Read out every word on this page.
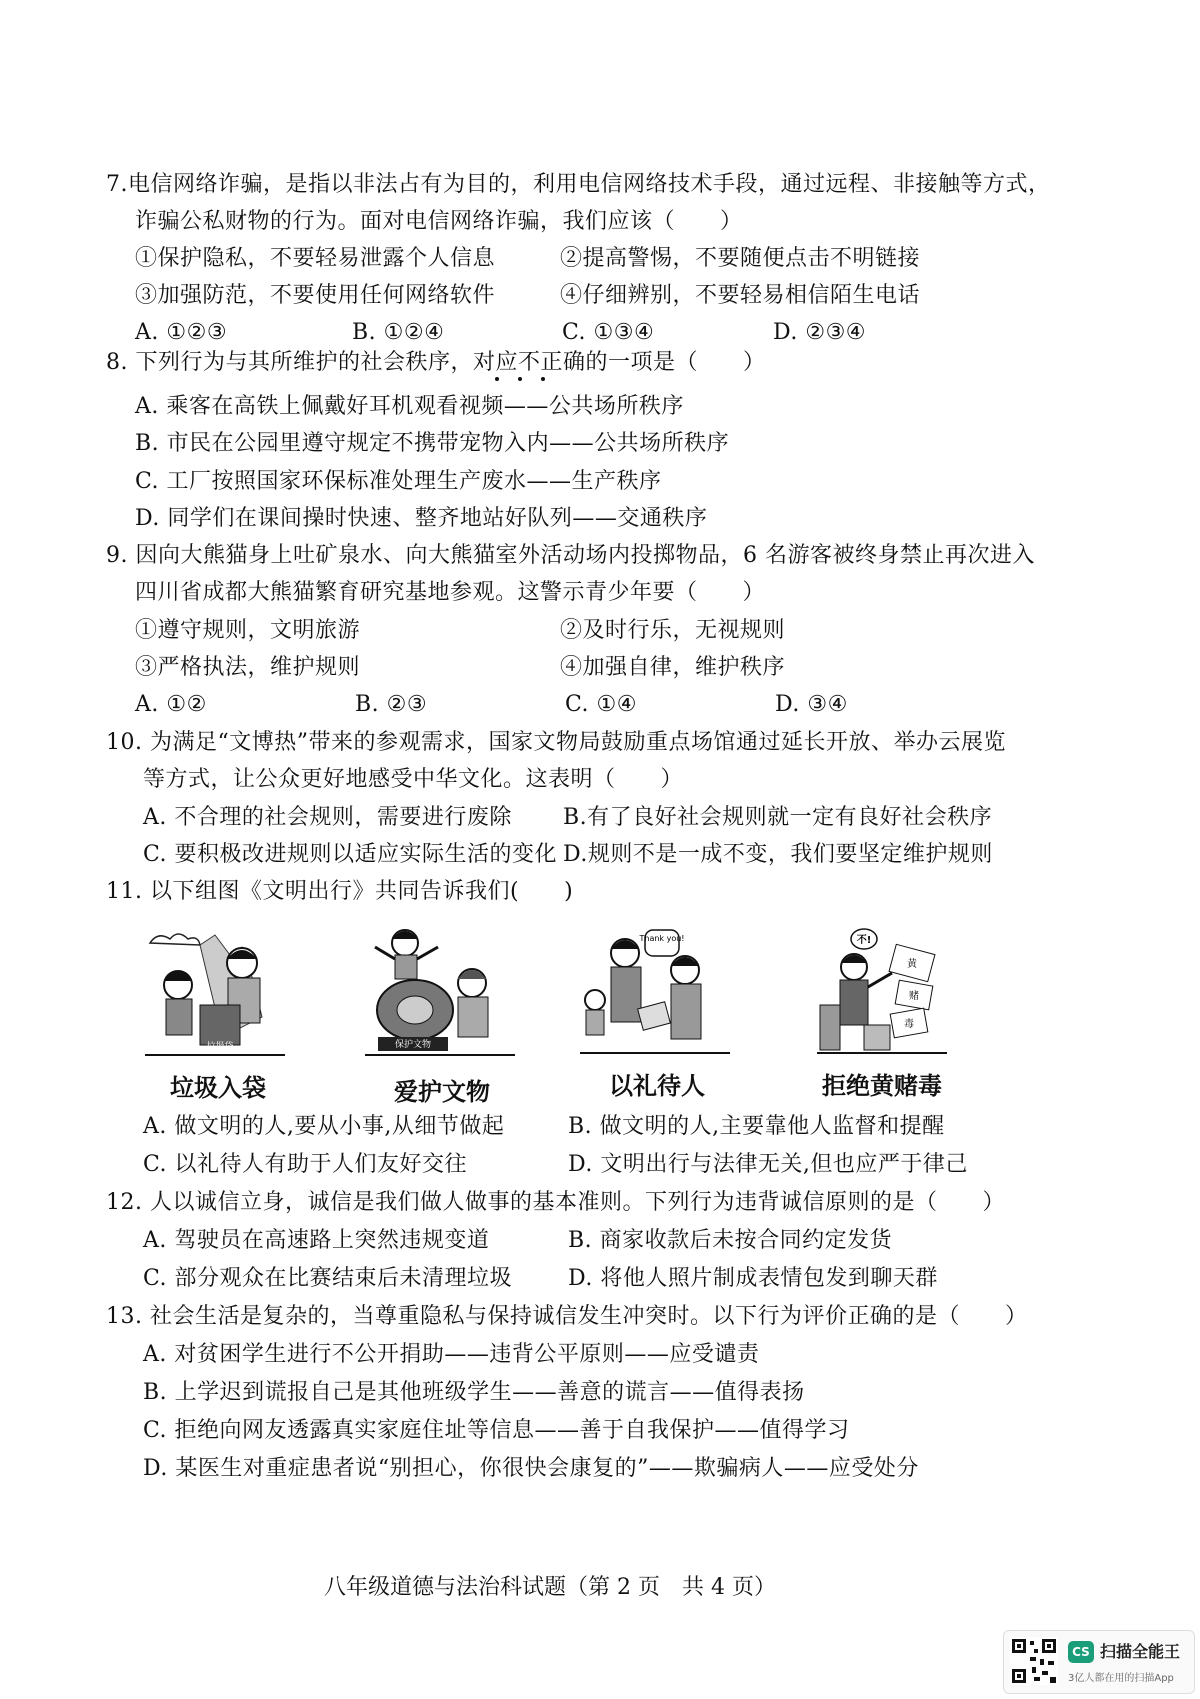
7.电信网络诈骗，是指以非法占有为目的，利用电信网络技术手段，通过远程、非接触等方式，
诈骗公私财物的行为。面对电信网络诈骗，我们应该（　　）
①保护隐私，不要轻易泄露个人信息	②提高警惕，不要随便点击不明链接
③加强防范，不要使用任何网络软件	④仔细辨别，不要轻易相信陌生电话
A. ①②③	B. ①②④	C. ①③④	D. ②③④
8. 下列行为与其所维护的社会秩序，对应不正确的一项是（　　）
A. 乘客在高铁上佩戴好耳机观看视频——公共场所秩序
B. 市民在公园里遵守规定不携带宠物入内——公共场所秩序
C. 工厂按照国家环保标准处理生产废水——生产秩序
D. 同学们在课间操时快速、整齐地站好队列——交通秩序
9. 因向大熊猫身上吐矿泉水、向大熊猫室外活动场内投掷物品，6 名游客被终身禁止再次进入
四川省成都大熊猫繁育研究基地参观。这警示青少年要（　　）
①遵守规则，文明旅游	②及时行乐，无视规则
③严格执法，维护规则	④加强自律，维护秩序
A. ①②	B. ②③	C. ①④	D. ③④
10. 为满足“文博热”带来的参观需求，国家文物局鼓励重点场馆通过延长开放、举办云展览
等方式，让公众更好地感受中华文化。这表明（　　）
A. 不合理的社会规则，需要进行废除 B.有了良好社会规则就一定有良好社会秩序
C. 要积极改进规则以适应实际生活的变化 D.规则不是一成不变，我们要坚定维护规则
11. 以下组图《文明出行》共同告诉我们(　　)
垃圾袋
垃圾入袋
保护文物
爱护文物
Thank you!
以礼待人
不!
黄
赌
毒
拒绝黄赌毒
A. 做文明的人,要从小事,从细节做起	B. 做文明的人,主要靠他人监督和提醒
C. 以礼待人有助于人们友好交往	D. 文明出行与法律无关,但也应严于律己
12. 人以诚信立身，诚信是我们做人做事的基本准则。下列行为违背诚信原则的是（　　）
A. 驾驶员在高速路上突然违规变道	B. 商家收款后未按合同约定发货
C. 部分观众在比赛结束后未清理垃圾	D. 将他人照片制成表情包发到聊天群
13. 社会生活是复杂的，当尊重隐私与保持诚信发生冲突时。以下行为评价正确的是（　　）
A. 对贫困学生进行不公开捐助——违背公平原则——应受谴责
B. 上学迟到谎报自己是其他班级学生——善意的谎言——值得表扬
C. 拒绝向网友透露真实家庭住址等信息——善于自我保护——值得学习
D. 某医生对重症患者说“别担心，你很快会康复的”——欺骗病人——应受处分
八年级道德与法治科试题（第 2 页　共 4 页）
CS 扫描全能王
3亿人都在用的扫描App
